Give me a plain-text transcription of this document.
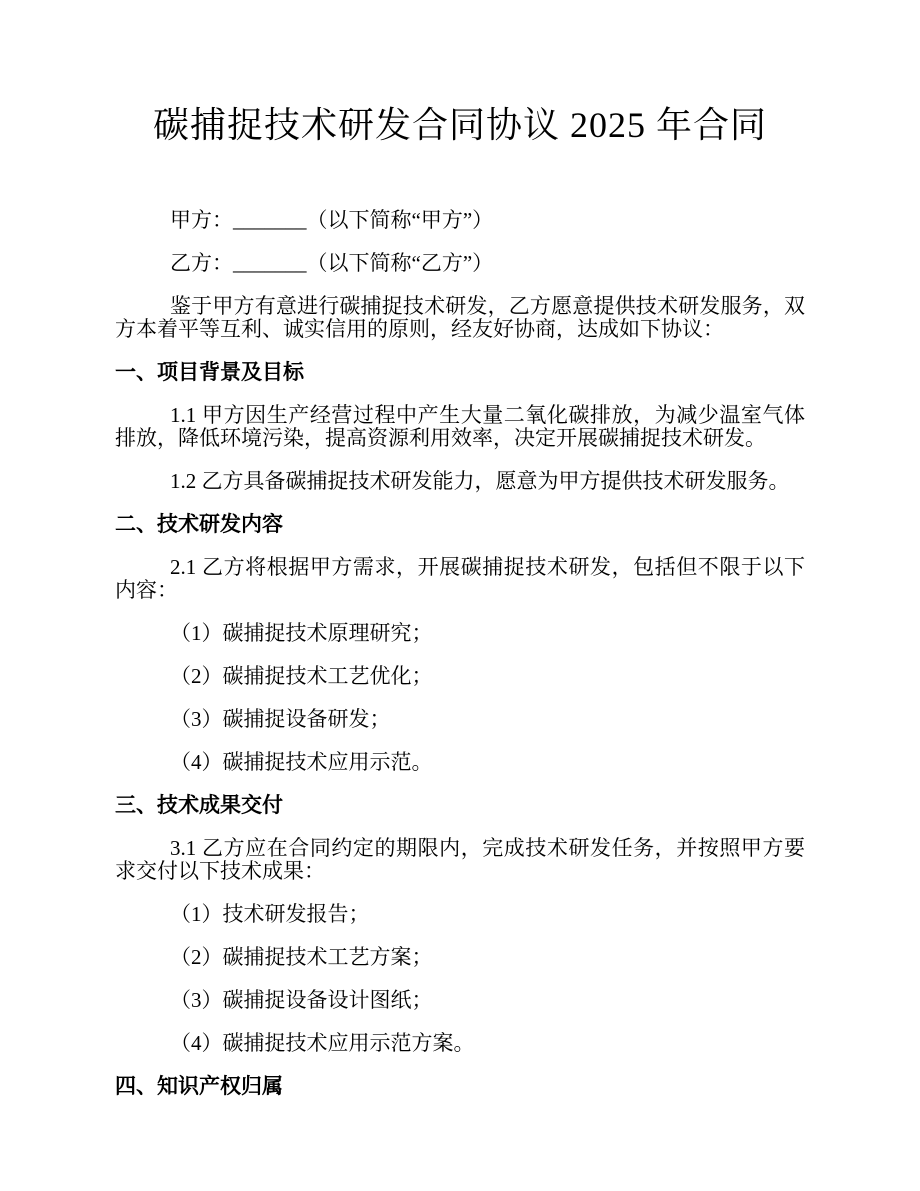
碳捕捉技术研发合同协议 2025 年合同

甲方：_______（以下简称“甲方”）

乙方：_______（以下简称“乙方”）

鉴于甲方有意进行碳捕捉技术研发，乙方愿意提供技术研发服务，双方本着平等互利、诚实信用的原则，经友好协商，达成如下协议：

一、项目背景及目标

1.1 甲方因生产经营过程中产生大量二氧化碳排放，为减少温室气体排放，降低环境污染，提高资源利用效率，决定开展碳捕捉技术研发。

1.2 乙方具备碳捕捉技术研发能力，愿意为甲方提供技术研发服务。

二、技术研发内容

2.1 乙方将根据甲方需求，开展碳捕捉技术研发，包括但不限于以下内容：

（1）碳捕捉技术原理研究；

（2）碳捕捉技术工艺优化；

（3）碳捕捉设备研发；

（4）碳捕捉技术应用示范。

三、技术成果交付

3.1 乙方应在合同约定的期限内，完成技术研发任务，并按照甲方要求交付以下技术成果：

（1）技术研发报告；

（2）碳捕捉技术工艺方案；

（3）碳捕捉设备设计图纸；

（4）碳捕捉技术应用示范方案。

四、知识产权归属
